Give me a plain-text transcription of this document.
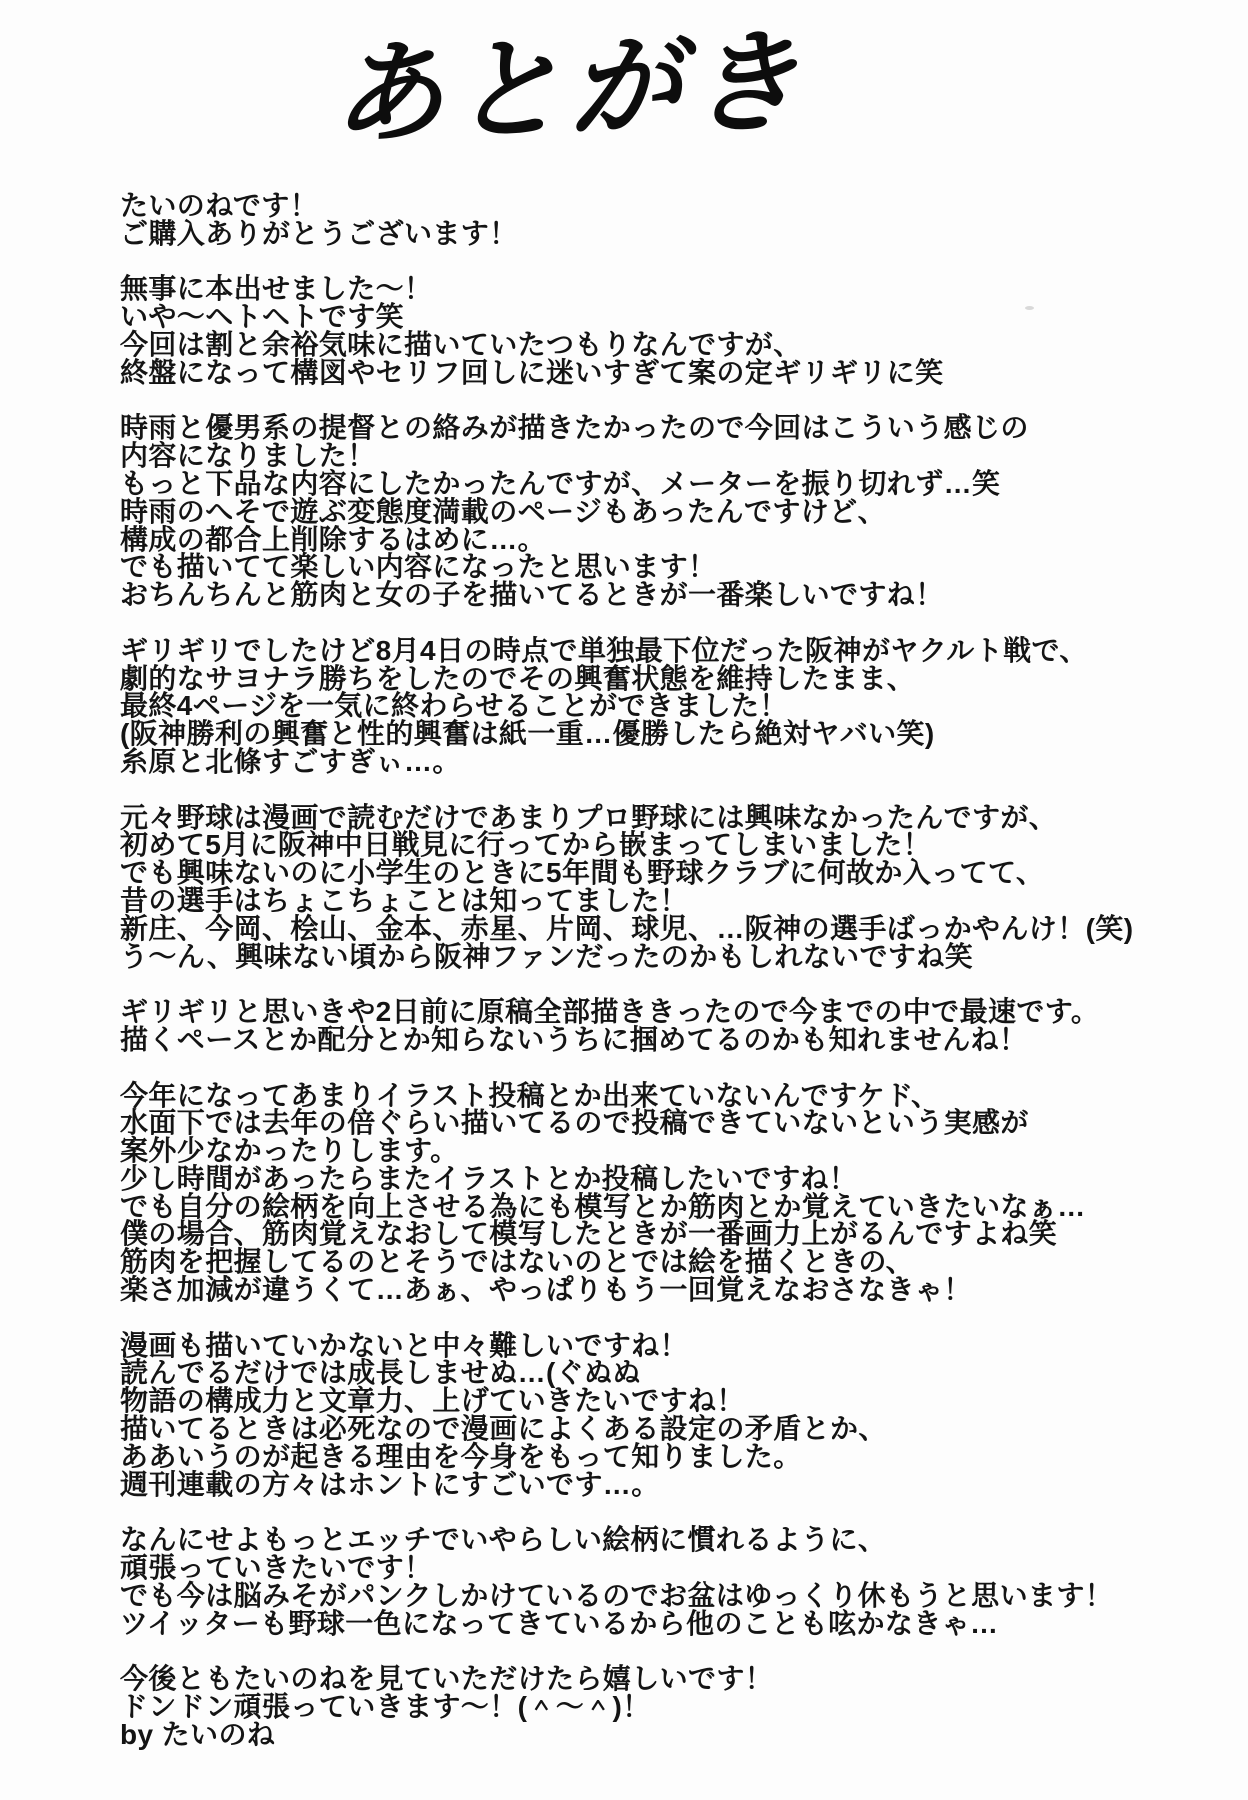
あとがき
たいのねです！
ご購入ありがとうございます！
無事に本出せました～！
いや～ヘトヘトです笑
今回は割と余裕気味に描いていたつもりなんですが、
終盤になって構図やセリフ回しに迷いすぎて案の定ギリギリに笑
時雨と優男系の提督との絡みが描きたかったので今回はこういう感じの
内容になりました！
もっと下品な内容にしたかったんですが、メーターを振り切れず…笑
時雨のへそで遊ぶ変態度満載のページもあったんですけど、
構成の都合上削除するはめに…。
でも描いてて楽しい内容になったと思います！
おちんちんと筋肉と女の子を描いてるときが一番楽しいですね！
ギリギリでしたけど8月4日の時点で単独最下位だった阪神がヤクルト戦で、
劇的なサヨナラ勝ちをしたのでその興奮状態を維持したまま、
最終4ページを一気に終わらせることができました！
(阪神勝利の興奮と性的興奮は紙一重…優勝したら絶対ヤバい笑)
糸原と北條すごすぎぃ…。
元々野球は漫画で読むだけであまりプロ野球には興味なかったんですが、
初めて5月に阪神中日戦見に行ってから嵌まってしまいました！
でも興味ないのに小学生のときに5年間も野球クラブに何故か入ってて、
昔の選手はちょこちょことは知ってました！
新庄、今岡、桧山、金本、赤星、片岡、球児、…阪神の選手ばっかやんけ！(笑)
う～ん、興味ない頃から阪神ファンだったのかもしれないですね笑
ギリギリと思いきや2日前に原稿全部描ききったので今までの中で最速です。
描くペースとか配分とか知らないうちに掴めてるのかも知れませんね！
今年になってあまりイラスト投稿とか出来ていないんですケド、
水面下では去年の倍ぐらい描いてるので投稿できていないという実感が
案外少なかったりします。
少し時間があったらまたイラストとか投稿したいですね！
でも自分の絵柄を向上させる為にも模写とか筋肉とか覚えていきたいなぁ…
僕の場合、筋肉覚えなおして模写したときが一番画力上がるんですよね笑
筋肉を把握してるのとそうではないのとでは絵を描くときの、
楽さ加減が違うくて…あぁ、やっぱりもう一回覚えなおさなきゃ！
漫画も描いていかないと中々難しいですね！
読んでるだけでは成長しませぬ…(ぐぬぬ
物語の構成力と文章力、上げていきたいですね！
描いてるときは必死なので漫画によくある設定の矛盾とか、
ああいうのが起きる理由を今身をもって知りました。
週刊連載の方々はホントにすごいです…。
なんにせよもっとエッチでいやらしい絵柄に慣れるように、
頑張っていきたいです！
でも今は脳みそがパンクしかけているのでお盆はゆっくり休もうと思います！
ツイッターも野球一色になってきているから他のことも呟かなきゃ…
今後ともたいのねを見ていただけたら嬉しいです！
ドンドン頑張っていきます～！(＾～＾)！
by たいのね
